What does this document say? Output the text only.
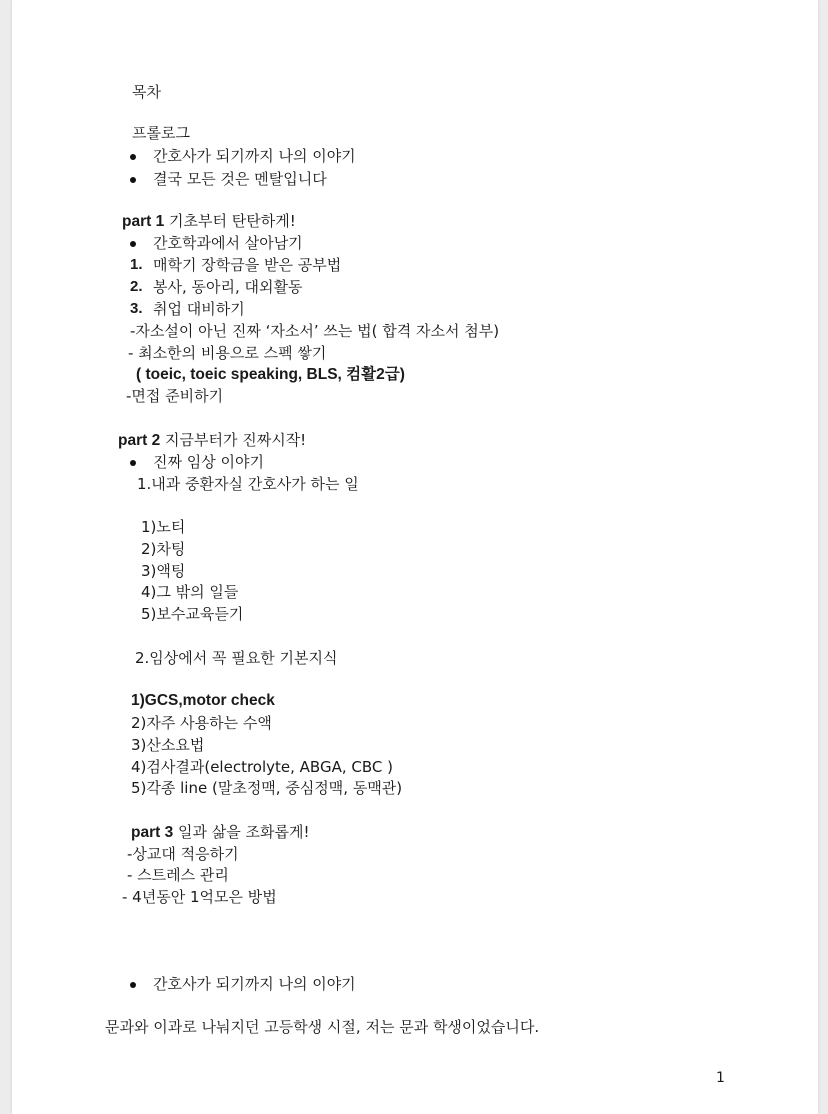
목차
프롤로그
간호사가 되기까지 나의 이야기
결국 모든 것은 멘탈입니다
part 1 기초부터 탄탄하게!
간호학과에서 살아남기
1. 매학기 장학금을 받은 공부법
2. 봉사, 동아리, 대외활동
3. 취업 대비하기
-자소설이 아닌 진짜 ‘자소서’ 쓰는 법( 합격 자소서 첨부)
- 최소한의 비용으로 스펙 쌓기
( toeic, toeic speaking, BLS, 컴활2급)
-면접 준비하기
part 2 지금부터가 진짜시작!
진짜 임상 이야기
1.내과 중환자실 간호사가 하는 일
1)노티
2)차팅
3)액팅
4)그 밖의 일들
5)보수교육듣기
2.임상에서 꼭 필요한 기본지식
1)GCS,motor check
2)자주 사용하는 수액
3)산소요법
4)검사결과(electrolyte, ABGA, CBC )
5)각종 line (말초정맥, 중심정맥, 동맥관)
part 3 일과 삶을 조화롭게!
-상교대 적응하기
- 스트레스 관리
- 4년동안 1억모은 방법
간호사가 되기까지 나의 이야기
문과와 이과로 나눠지던 고등학생 시절, 저는 문과 학생이었습니다.
1
